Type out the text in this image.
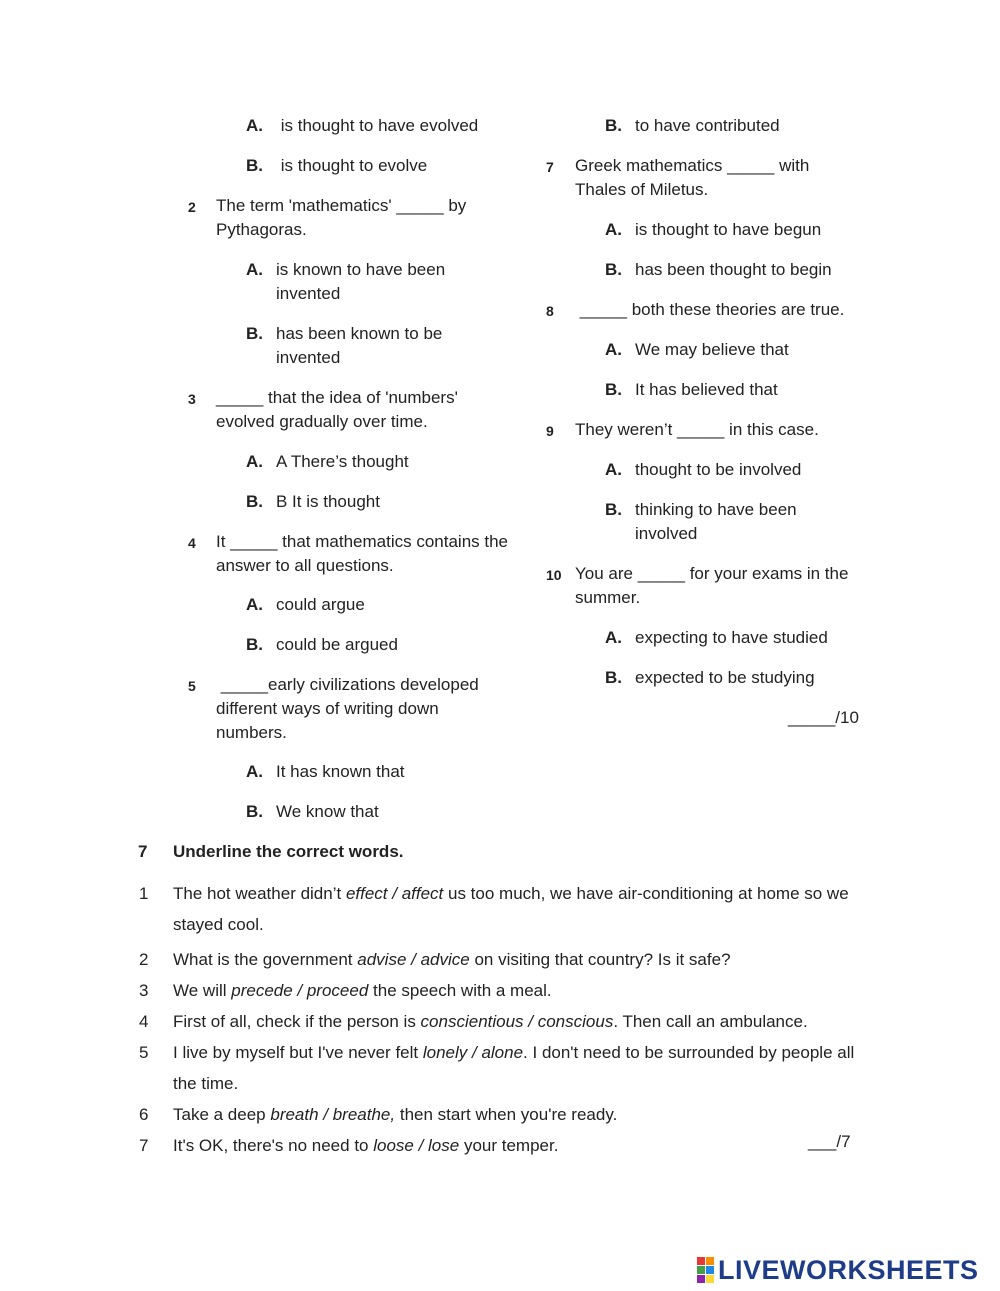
A. is thought to have evolved
B. is thought to evolve
2	The term 'mathematics' _____ by Pythagoras.
A. is known to have been invented
B. has been known to be invented
3	_____ that the idea of 'numbers' evolved gradually over time.
A. A There’s thought
B. B It is thought
4	It _____ that mathematics contains the answer to all questions.
A. could argue
B. could be argued
5	_____early civilizations developed different ways of writing down numbers.
A. It has known that
B. We know that
B. to have contributed
7	Greek mathematics _____ with Thales of Miletus.
A. is thought to have begun
B. has been thought to begin
8	_____ both these theories are true.
A. We may believe that
B. It has believed that
9	They weren’t _____ in this case.
A. thought to be involved
B. thinking to have been involved
10 You are _____ for your exams in the summer.
A. expecting to have studied
B. expected to be studying
_____/10
7 Underline the correct words.
1 The hot weather didn’t effect / affect us too much, we have air-conditioning at home so we stayed cool.
2 What is the government advise / advice on visiting that country? Is it safe?
3 We will precede / proceed the speech with a meal.
4 First of all, check if the person is conscientious / conscious. Then call an ambulance.
5 I live by myself but I've never felt lonely / alone. I don't need to be surrounded by people all the time.
6 Take a deep breath / breathe, then start when you're ready.
7 It's OK, there's no need to loose / lose your temper.	___/7
LIVEWORKSHEETS
